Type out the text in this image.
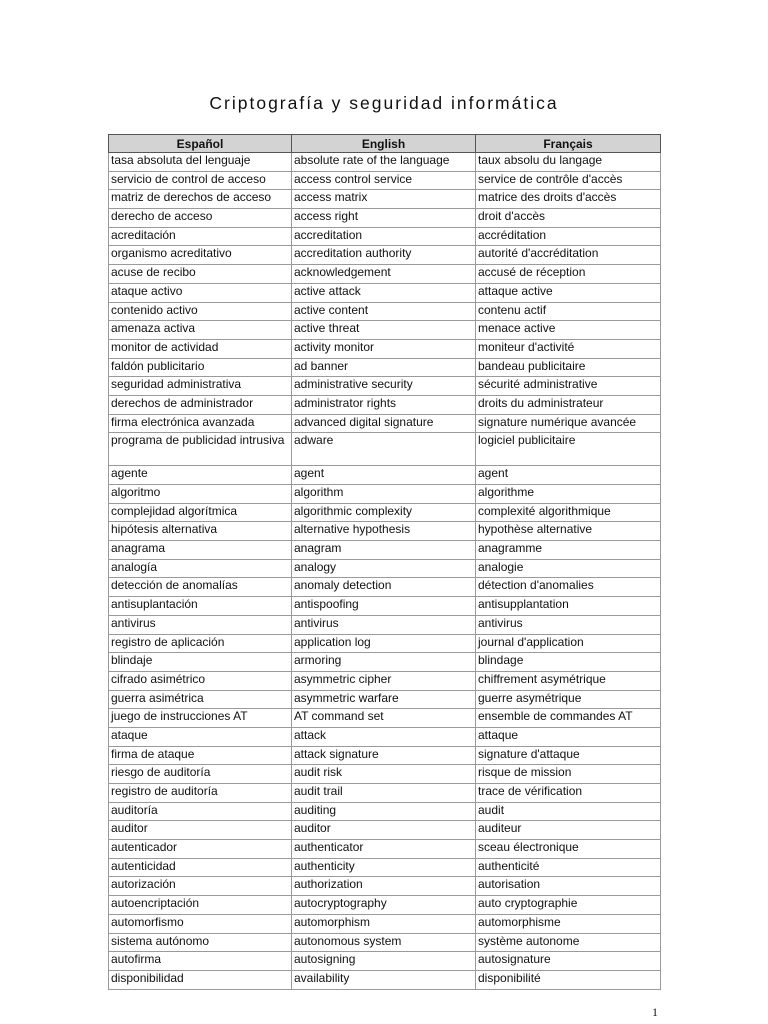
Criptografía y seguridad informática
Español	English	Français
tasa absoluta del lenguaje	absolute rate of the language	taux absolu du langage
servicio de control de acceso	access control service	service de contrôle d'accès
matriz de derechos de acceso	access matrix	matrice des droits d'accès
derecho de acceso	access right	droit d'accès
acreditación	accreditation	accréditation
organismo acreditativo	accreditation authority	autorité d'accréditation
acuse de recibo	acknowledgement	accusé de réception
ataque activo	active attack	attaque active
contenido activo	active content	contenu actif
amenaza activa	active threat	menace active
monitor de actividad	activity monitor	moniteur d'activité
faldón publicitario	ad banner	bandeau publicitaire
seguridad administrativa	administrative security	sécurité administrative
derechos de administrador	administrator rights	droits du administrateur
firma electrónica avanzada	advanced digital signature	signature numérique avancée
programa de publicidad intrusiva	adware	logiciel publicitaire
agente	agent	agent
algoritmo	algorithm	algorithme
complejidad algorítmica	algorithmic complexity	complexité algorithmique
hipótesis alternativa	alternative hypothesis	hypothèse alternative
anagrama	anagram	anagramme
analogía	analogy	analogie
detección de anomalías	anomaly detection	détection d'anomalies
antisuplantación	antispoofing	antisupplantation
antivirus	antivirus	antivirus
registro de aplicación	application log	journal d'application
blindaje	armoring	blindage
cifrado asimétrico	asymmetric cipher	chiffrement asymétrique
guerra asimétrica	asymmetric warfare	guerre asymétrique
juego de instrucciones AT	AT command set	ensemble de commandes AT
ataque	attack	attaque
firma de ataque	attack signature	signature d'attaque
riesgo de auditoría	audit risk	risque de mission
registro de auditoría	audit trail	trace de vérification
auditoría	auditing	audit
auditor	auditor	auditeur
autenticador	authenticator	sceau électronique
autenticidad	authenticity	authenticité
autorización	authorization	autorisation
autoencriptación	autocryptography	auto cryptographie
automorfismo	automorphism	automorphisme
sistema autónomo	autonomous system	système autonome
autofirma	autosigning	autosignature
disponibilidad	availability	disponibilité
1
